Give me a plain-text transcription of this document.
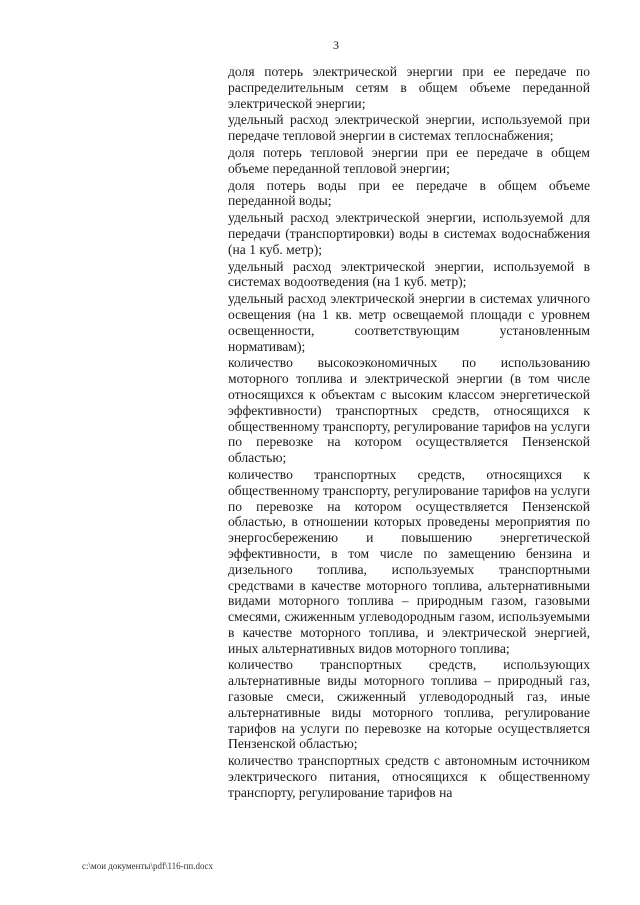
3

доля потерь электрической энергии при ее передаче по распределительным сетям в общем объеме переданной электрической энергии;

удельный расход электрической энергии, используемой при передаче тепловой энергии в системах теплоснабжения;

доля потерь тепловой энергии при ее передаче в общем объеме переданной тепловой энергии;

доля потерь воды при ее передаче в общем объеме переданной воды;

удельный расход электрической энергии, используемой для передачи (транспортировки) воды в системах водоснабжения (на 1 куб. метр);

удельный расход электрической энергии, используемой в системах водоотведения (на 1 куб. метр);

удельный расход электрической энергии в системах уличного освещения (на 1 кв. метр освещаемой площади с уровнем освещенности, соответствующим установленным нормативам);

количество высокоэкономичных по использованию моторного топлива и электрической энергии (в том числе относящихся к объектам с высоким классом энергетической эффективности) транспортных средств, относящихся к общественному транспорту, регулирование тарифов на услуги по перевозке на котором осуществляется Пензенской областью;

количество транспортных средств, относящихся к общественному транспорту, регулирование тарифов на услуги по перевозке на котором осуществляется Пензенской областью, в отношении которых проведены мероприятия по энергосбережению и повышению энергетической эффективности, в том числе по замещению бензина и дизельного топлива, используемых транспортными средствами в качестве моторного топлива, альтернативными видами моторного топлива – природным газом, газовыми смесями, сжиженным углеводородным газом, используемыми в качестве моторного топлива, и электрической энергией, иных альтернативных видов моторного топлива;

количество транспортных средств, использующих альтернативные виды моторного топлива – природный газ, газовые смеси, сжиженный углеводородный газ, иные альтернативные виды моторного топлива, регулирование тарифов на услуги по перевозке на которые осуществляется Пензенской областью;

количество транспортных средств с автономным источником электрического питания, относящихся к общественному транспорту, регулирование тарифов на

c:\мои документы\pdf\116-пп.docx
